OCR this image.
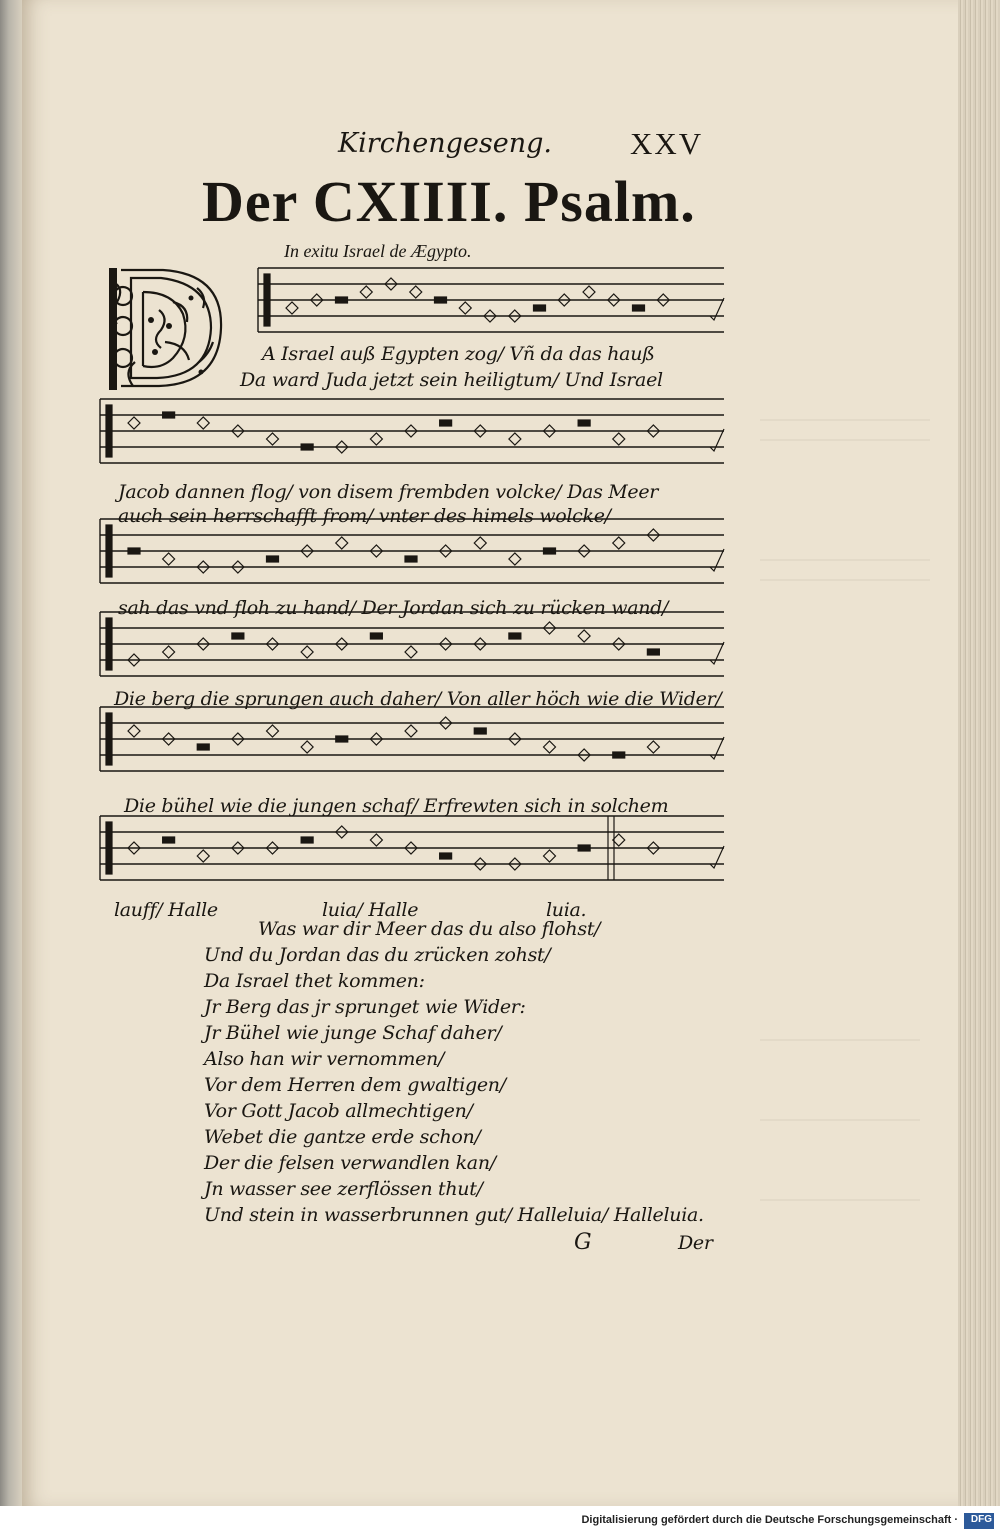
Kirchengeseng.	XXV
Der CXIIII. Psalm.
In exitu Israel de Ægypto.
A Israel auß Egypten zog/ Vñ da das hauß
Da ward Juda jetzt sein heiligtum/ Und Israel
Jacob dannen flog/ von disem frembden volcke/ Das Meer
auch sein herrschafft from/ vnter des himels wolcke/
sah das vnd floh zu hand/ Der Jordan sich zu rücken wand/
Die berg die sprungen auch daher/ Von aller höch wie die Wider/
Die bühel wie die jungen schaf/ Erfrewten sich in solchem
lauff/ Halle	luia/ Halle	luia.
Was war dir Meer das du also flohst/
Und du Jordan das du zrücken zohst/
Da Israel thet kommen:
Jr Berg das jr sprunget wie Wider:
Jr Bühel wie junge Schaf daher/
Also han wir vernommen/
Vor dem Herren dem gwaltigen/
Vor Gott Jacob allmechtigen/
Webet die gantze erde schon/
Der die felsen verwandlen kan/
Jn wasser see zerflössen thut/
Und stein in wasserbrunnen gut/ Halleluia/ Halleluia.
G	Der
Digitalisierung gefördert durch die Deutsche Forschungsgemeinschaft · DFG
